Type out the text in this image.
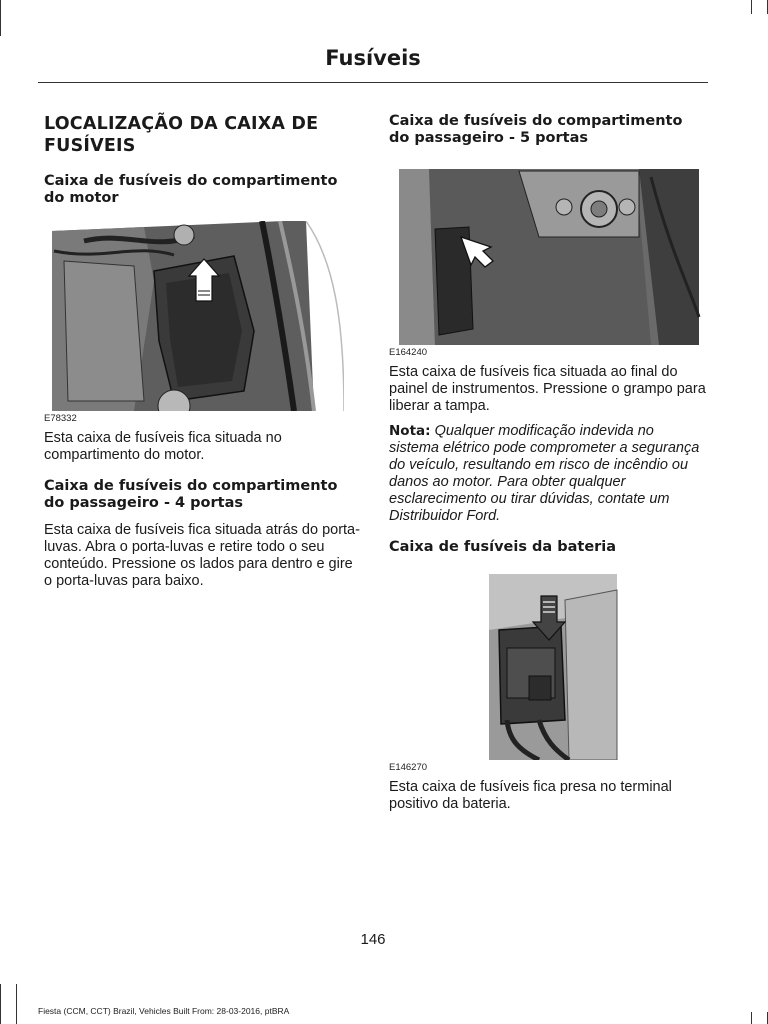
Fusíveis
LOCALIZAÇÃO DA CAIXA DE FUSÍVEIS
Caixa de fusíveis do compartimento do motor
E78332

Esta caixa de fusíveis fica situada no compartimento do motor.

Caixa de fusíveis do compartimento do passageiro - 4 portas

Esta caixa de fusíveis fica situada atrás do porta-luvas. Abra o porta-luvas e retire todo o seu conteúdo. Pressione os lados para dentro e gire o porta-luvas para baixo.

Caixa de fusíveis do compartimento do passageiro - 5 portas
E164240

Esta caixa de fusíveis fica situada ao final do painel de instrumentos. Pressione o grampo para liberar a tampa.

Nota: Qualquer modificação indevida no sistema elétrico pode comprometer a segurança do veículo, resultando em risco de incêndio ou danos ao motor. Para obter qualquer esclarecimento ou tirar dúvidas, contate um Distribuidor Ford.

Caixa de fusíveis da bateria
E146270

Esta caixa de fusíveis fica presa no terminal positivo da bateria.

146
Fiesta (CCM, CCT) Brazil, Vehicles Built From: 28-03-2016, ptBRA
